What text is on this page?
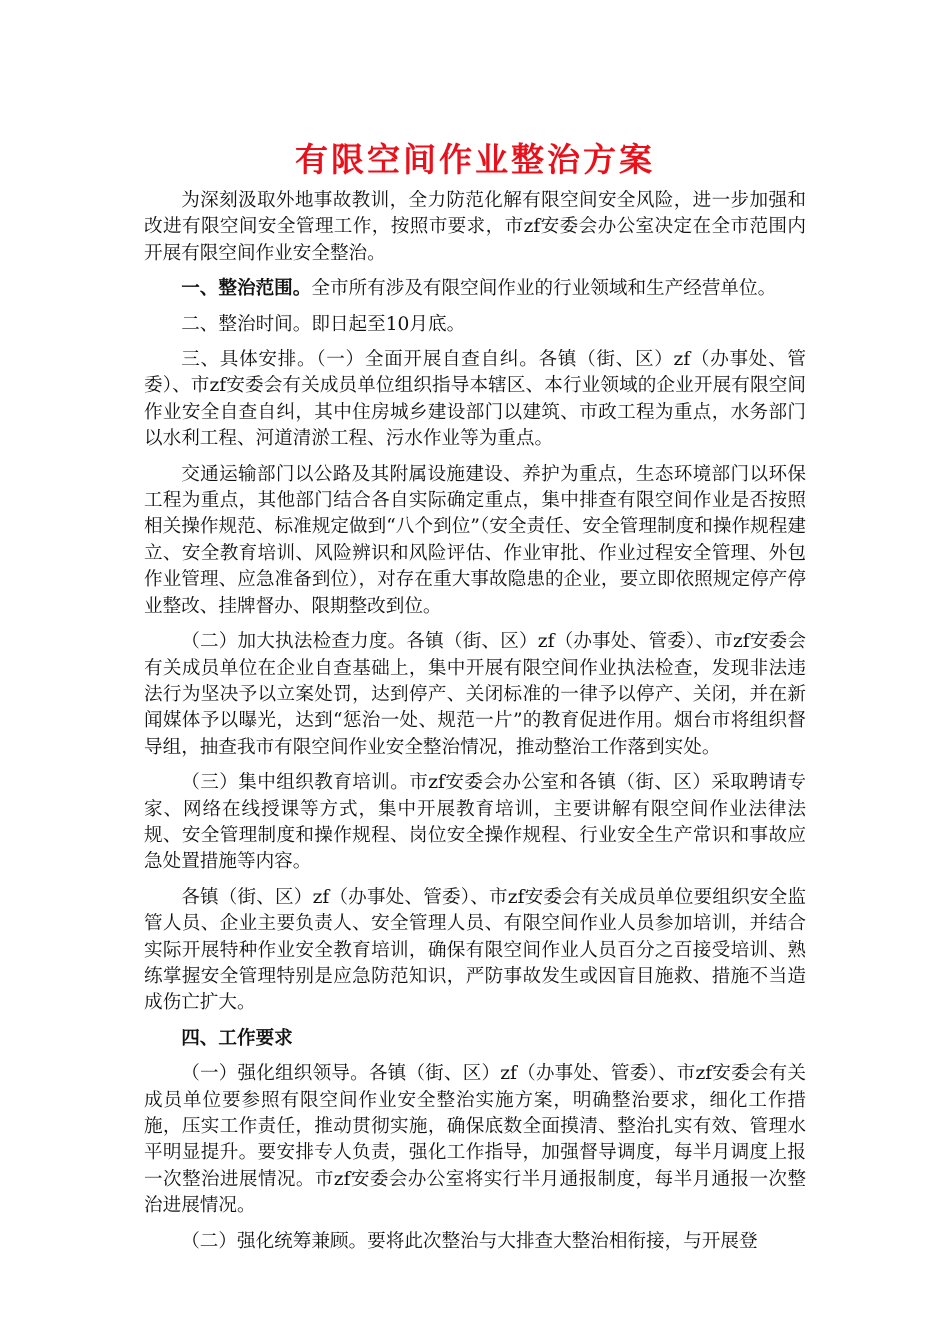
有限空间作业整治方案

为深刻汲取外地事故教训，全力防范化解有限空间安全风险，进一步加强和改进有限空间安全管理工作，按照市要求，市zf安委会办公室决定在全市范围内开展有限空间作业安全整治。

一、整治范围。全市所有涉及有限空间作业的行业领域和生产经营单位。

二、整治时间。即日起至10月底。

三、具体安排。（一）全面开展自查自纠。各镇（街、区）zf（办事处、管委）、市zf安委会有关成员单位组织指导本辖区、本行业领域的企业开展有限空间作业安全自查自纠，其中住房城乡建设部门以建筑、市政工程为重点，水务部门以水利工程、河道清淤工程、污水作业等为重点。

交通运输部门以公路及其附属设施建设、养护为重点，生态环境部门以环保工程为重点，其他部门结合各自实际确定重点，集中排查有限空间作业是否按照相关操作规范、标准规定做到“八个到位”（安全责任、安全管理制度和操作规程建立、安全教育培训、风险辨识和风险评估、作业审批、作业过程安全管理、外包作业管理、应急准备到位），对存在重大事故隐患的企业，要立即依照规定停产停业整改、挂牌督办、限期整改到位。

（二）加大执法检查力度。各镇（街、区）zf（办事处、管委）、市zf安委会有关成员单位在企业自查基础上，集中开展有限空间作业执法检查，发现非法违法行为坚决予以立案处罚，达到停产、关闭标准的一律予以停产、关闭，并在新闻媒体予以曝光，达到“惩治一处、规范一片”的教育促进作用。烟台市将组织督导组，抽查我市有限空间作业安全整治情况，推动整治工作落到实处。

（三）集中组织教育培训。市zf安委会办公室和各镇（街、区）采取聘请专家、网络在线授课等方式，集中开展教育培训，主要讲解有限空间作业法律法规、安全管理制度和操作规程、岗位安全操作规程、行业安全生产常识和事故应急处置措施等内容。

各镇（街、区）zf（办事处、管委）、市zf安委会有关成员单位要组织安全监管人员、企业主要负责人、安全管理人员、有限空间作业人员参加培训，并结合实际开展特种作业安全教育培训，确保有限空间作业人员百分之百接受培训、熟练掌握安全管理特别是应急防范知识，严防事故发生或因盲目施救、措施不当造成伤亡扩大。

四、工作要求

（一）强化组织领导。各镇（街、区）zf（办事处、管委）、市zf安委会有关成员单位要参照有限空间作业安全整治实施方案，明确整治要求，细化工作措施，压实工作责任，推动贯彻实施，确保底数全面摸清、整治扎实有效、管理水平明显提升。要安排专人负责，强化工作指导，加强督导调度，每半月调度上报一次整治进展情况。市zf安委会办公室将实行半月通报制度，每半月通报一次整治进展情况。

（二）强化统筹兼顾。要将此次整治与大排查大整治相衔接，与开展登
